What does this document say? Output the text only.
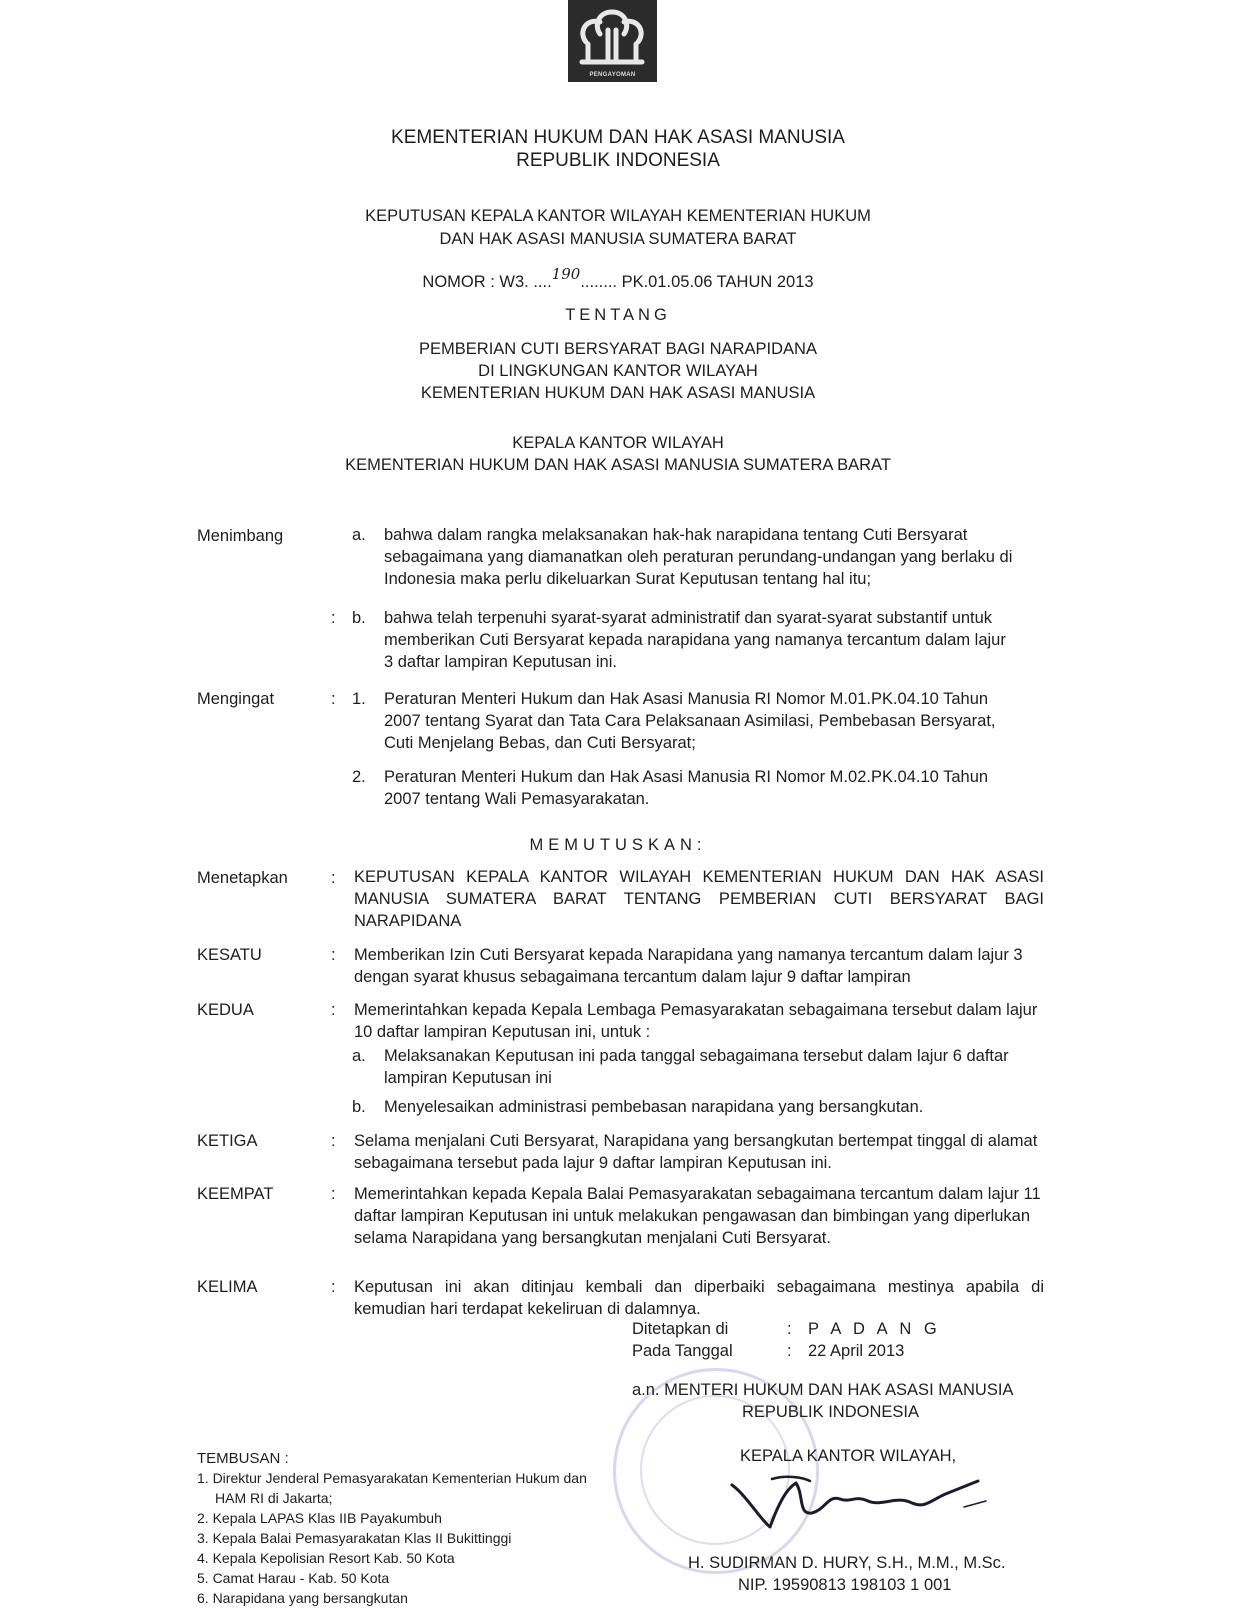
PENGAYOMAN
KEMENTERIAN HUKUM DAN HAK ASASI MANUSIA
REPUBLIK INDONESIA
KEPUTUSAN KEPALA KANTOR WILAYAH KEMENTERIAN HUKUM
DAN HAK ASASI MANUSIA SUMATERA BARAT
NOMOR : W3. ....190........ PK.01.05.06 TAHUN 2013
TENTANG
PEMBERIAN CUTI BERSYARAT BAGI NARAPIDANA
DI LINGKUNGAN KANTOR WILAYAH
KEMENTERIAN HUKUM DAN HAK ASASI MANUSIA
KEPALA KANTOR WILAYAH
KEMENTERIAN HUKUM DAN HAK ASASI MANUSIA SUMATERA BARAT
Menimbang	a. bahwa dalam rangka melaksanakan hak-hak narapidana tentang Cuti Bersyarat sebagaimana yang diamanatkan oleh peraturan perundang-undangan yang berlaku di Indonesia maka perlu dikeluarkan Surat Keputusan tentang hal itu;
: b. bahwa telah terpenuhi syarat-syarat administratif dan syarat-syarat substantif untuk memberikan Cuti Bersyarat kepada narapidana yang namanya tercantum dalam lajur 3 daftar lampiran Keputusan ini.
Mengingat	: 1. Peraturan Menteri Hukum dan Hak Asasi Manusia RI Nomor M.01.PK.04.10 Tahun 2007 tentang Syarat dan Tata Cara Pelaksanaan Asimilasi, Pembebasan Bersyarat, Cuti Menjelang Bebas, dan Cuti Bersyarat;
2. Peraturan Menteri Hukum dan Hak Asasi Manusia RI Nomor M.02.PK.04.10 Tahun 2007 tentang Wali Pemasyarakatan.
MEMUTUSKAN:
Menetapkan	: KEPUTUSAN KEPALA KANTOR WILAYAH KEMENTERIAN HUKUM DAN HAK ASASI MANUSIA SUMATERA BARAT TENTANG PEMBERIAN CUTI BERSYARAT BAGI NARAPIDANA
KESATU	: Memberikan Izin Cuti Bersyarat kepada Narapidana yang namanya tercantum dalam lajur 3 dengan syarat khusus sebagaimana tercantum dalam lajur 9 daftar lampiran
KEDUA	: Memerintahkan kepada Kepala Lembaga Pemasyarakatan sebagaimana tersebut dalam lajur 10 daftar lampiran Keputusan ini, untuk :
a. Melaksanakan Keputusan ini pada tanggal sebagaimana tersebut dalam lajur 6 daftar lampiran Keputusan ini
b. Menyelesaikan administrasi pembebasan narapidana yang bersangkutan.
KETIGA	: Selama menjalani Cuti Bersyarat, Narapidana yang bersangkutan bertempat tinggal di alamat sebagaimana tersebut pada lajur 9 daftar lampiran Keputusan ini.
KEEMPAT	: Memerintahkan kepada Kepala Balai Pemasyarakatan sebagaimana tercantum dalam lajur 11 daftar lampiran Keputusan ini untuk melakukan pengawasan dan bimbingan yang diperlukan selama Narapidana yang bersangkutan menjalani Cuti Bersyarat.
KELIMA	: Keputusan ini akan ditinjau kembali dan diperbaiki sebagaimana mestinya apabila di kemudian hari terdapat kekeliruan di dalamnya.
Ditetapkan di	: P A D A N G
Pada Tanggal	: 22 April 2013
a.n. MENTERI HUKUM DAN HAK ASASI MANUSIA
REPUBLIK INDONESIA
KEPALA KANTOR WILAYAH,
H. SUDIRMAN D. HURY, S.H., M.M., M.Sc.
NIP. 19590813 198103 1 001
TEMBUSAN :
1. Direktur Jenderal Pemasyarakatan Kementerian Hukum dan HAM RI di Jakarta;
2. Kepala LAPAS Klas IIB Payakumbuh
3. Kepala Balai Pemasyarakatan Klas II Bukittinggi
4. Kepala Kepolisian Resort Kab. 50 Kota
5. Camat Harau - Kab. 50 Kota
6. Narapidana yang bersangkutan
